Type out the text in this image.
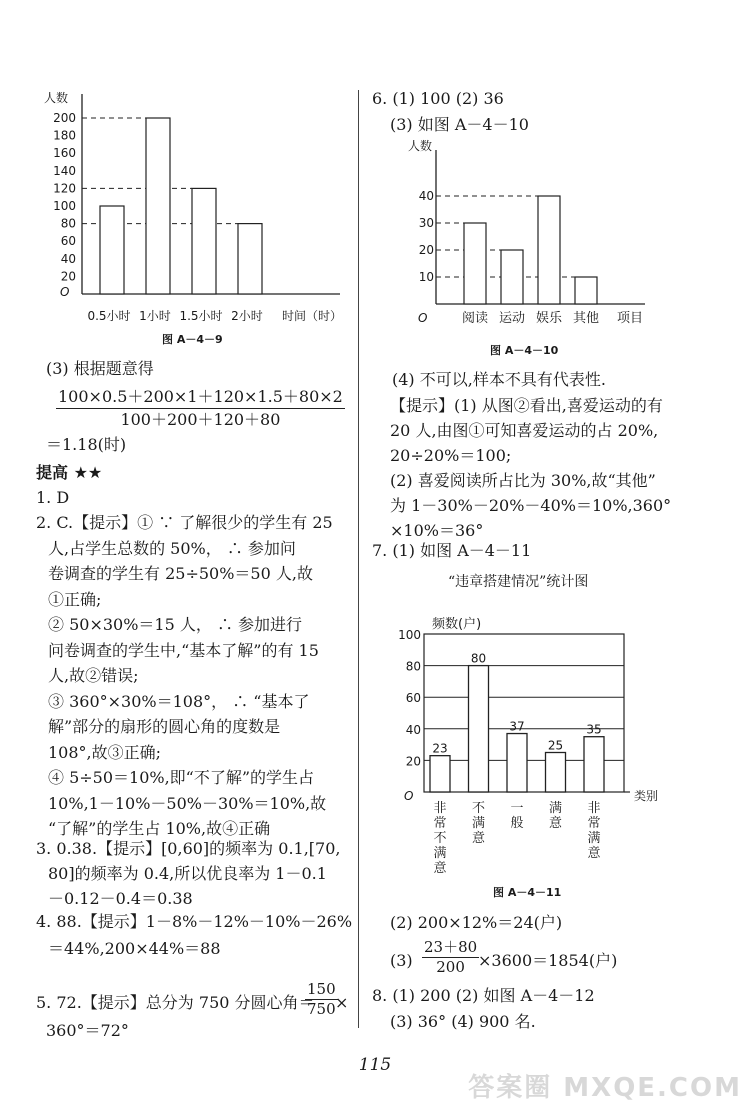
人数
O
20
40
60
80
100
120
140
160
180
200
0.5小时 1小时 1.5小时 2小时 时间（时）
图 A－4－9
(3) 根据题意得
$\frac{100\times 0.5+200\times 1+120\times 1.5+80\times 2}{100+200+120+80}$
＝1.18(时)
提高 ★★
1. D
2. C.【提示】① ∵ 了解很少的学生有 25
人,占学生总数的 50%， ∴ 参加问
卷调查的学生有 25÷50%＝50 人,故
①正确;
② 50×30%＝15 人， ∴ 参加进行
问卷调查的学生中,“基本了解”的有 15
人,故②错误;
③ 360°×30%＝108°， ∴ “基本了
解”部分的扇形的圆心角的度数是
108°,故③正确;
④ 5÷50＝10%,即“不了解”的学生占
10%,1－10%－50%－30%＝10%,故
“了解”的学生占 10%,故④正确
3. 0.38.【提示】[0,60]的频率为 0.1,[70,
80]的频率为 0.4,所以优良率为 1－0.1
－0.12－0.4＝0.38
4. 88.【提示】1－8%－12%－10%－26%
＝44%,200×44%＝88
5. 72.【提示】总分为 750 分圆心角＝
$\frac{150}{750}$
×
360°＝72°
6. (1) 100 (2) 36
(3) 如图 A－4－10
人数
O
10
20
30
40
阅读 运动 娱乐 其他 项目
图 A－4－10
(4) 不可以,样本不具有代表性.
【提示】(1) 从图②看出,喜爱运动的有
20 人,由图①可知喜爱运动的占 20%,
20÷20%＝100;
(2) 喜爱阅读所占比为 30%,故“其他”
为 1－30%－20%－40%＝10%,360°
×10%＝36°
7. (1) 如图 A－4－11
“违章搭建情况”统计图
频数(户)
O
20
40
60
80
100
类别
23
非常不满意
80
不满意
37
一般
25
满意
35
非常满意
图 A－4－11
(2) 200×12%＝24(户)
$(3) \frac{23+80}{200}$
×3600＝1854(户)
8. (1) 200 (2) 如图 A－4－12
(3) 36° (4) 900 名.
115
答案圈 MXQE.COM
